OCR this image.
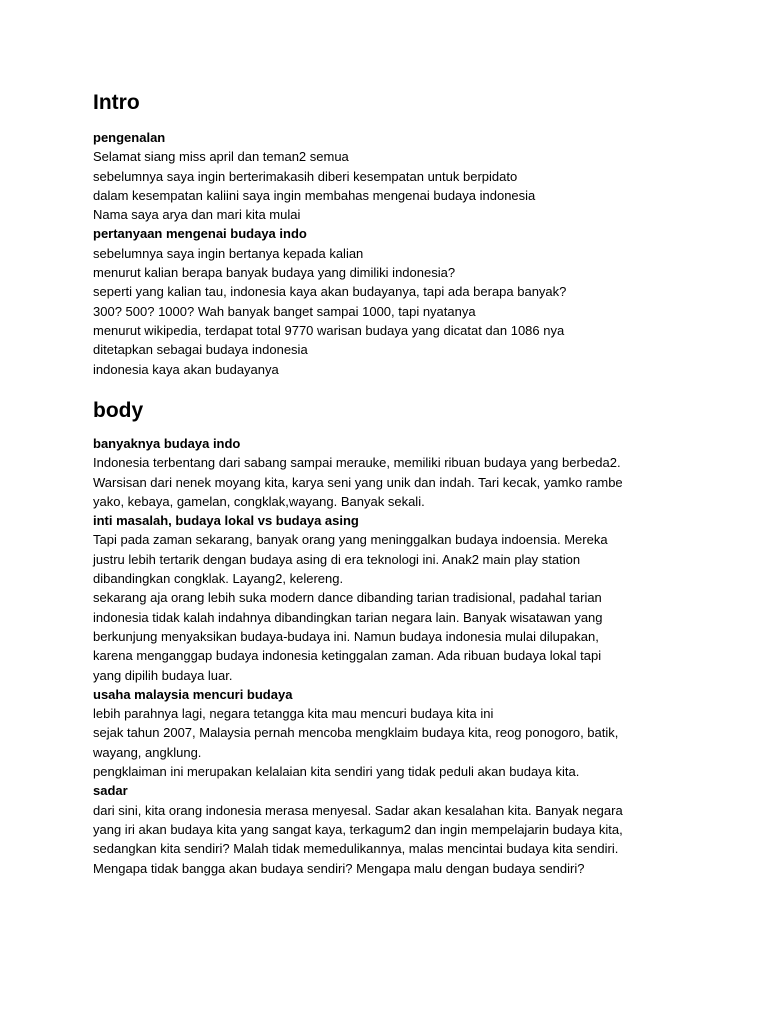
Intro
pengenalan
Selamat siang miss april dan teman2 semua
sebelumnya saya ingin berterimakasih diberi kesempatan untuk berpidato
dalam kesempatan kaliini saya ingin membahas mengenai budaya indonesia
Nama saya arya dan mari kita mulai
pertanyaan mengenai budaya indo
sebelumnya saya ingin bertanya kepada kalian
menurut kalian berapa banyak budaya yang dimiliki indonesia?
seperti yang kalian tau, indonesia kaya akan budayanya, tapi ada berapa banyak?
300? 500? 1000? Wah banyak banget sampai 1000, tapi nyatanya
menurut wikipedia, terdapat total 9770 warisan budaya yang dicatat dan 1086 nya
ditetapkan sebagai budaya indonesia
indonesia kaya akan budayanya
body
banyaknya budaya indo
Indonesia terbentang dari sabang sampai merauke, memiliki ribuan budaya yang berbeda2.
Warsisan dari nenek moyang kita, karya seni yang unik dan indah. Tari kecak, yamko rambe
yako, kebaya, gamelan, congklak,wayang. Banyak sekali.
inti masalah, budaya lokal vs budaya asing
Tapi pada zaman sekarang, banyak orang yang meninggalkan budaya indoensia. Mereka
justru lebih tertarik dengan budaya asing di era teknologi ini. Anak2 main play station
dibandingkan congklak. Layang2, kelereng.
sekarang aja orang lebih suka modern dance dibanding tarian tradisional, padahal tarian
indonesia tidak kalah indahnya dibandingkan tarian negara lain. Banyak wisatawan yang
berkunjung menyaksikan budaya-budaya ini. Namun budaya indonesia mulai dilupakan,
karena menganggap budaya indonesia ketinggalan zaman. Ada ribuan budaya lokal tapi
yang dipilih budaya luar.
usaha malaysia mencuri budaya
lebih parahnya lagi, negara tetangga kita mau mencuri budaya kita ini
sejak tahun 2007, Malaysia pernah mencoba mengklaim budaya kita, reog ponogoro, batik,
wayang, angklung.
pengklaiman ini merupakan kelalaian kita sendiri yang tidak peduli akan budaya kita.
sadar
dari sini, kita orang indonesia merasa menyesal. Sadar akan kesalahan kita. Banyak negara
yang iri akan budaya kita yang sangat kaya, terkagum2 dan ingin mempelajarin budaya kita,
sedangkan kita sendiri? Malah tidak memedulikannya, malas mencintai budaya kita sendiri.
Mengapa tidak bangga akan budaya sendiri? Mengapa malu dengan budaya sendiri?
